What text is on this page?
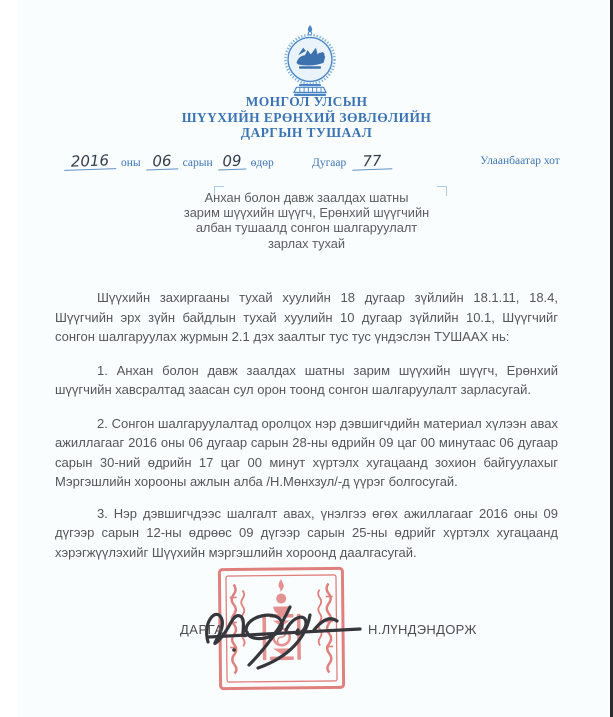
МОНГОЛ УЛСЫН
ШҮҮХИЙН ЕРӨНХИЙ ЗӨВЛӨЛИЙН
ДАРГЫН ТУШААЛ
2016	оны 06 сарын 09 өдөр	Дугаар	77	Улаанбаатар хот
Анхан болон давж заалдах шатны
зарим шүүхийн шүүгч, Ерөнхий шүүгчийн
албан тушаалд сонгон шалгаруулалт
зарлах тухай

Шүүхийн захиргааны тухай хуулийн 18 дугаар зүйлийн 18.1.11, 18.4, Шүүгчийн эрх зүйн байдлын тухай хуулийн 10 дугаар зүйлийн 10.1, Шүүгчийг сонгон шалгаруулах журмын 2.1 дэх заалтыг тус тус үндэслэн ТУШААХ нь:

1. Анхан болон давж заалдах шатны зарим шүүхийн шүүгч, Ерөнхий шүүгчийн хавсралтад заасан сул орон тоонд сонгон шалгаруулалт зарласугай.

2. Сонгон шалгаруулалтад оролцох нэр дэвшигчдийн материал хүлээн авах ажиллагааг 2016 оны 06 дугаар сарын 28-ны өдрийн 09 цаг 00 минутаас 06 дугаар сарын 30-ний өдрийн 17 цаг 00 минут хүртэлх хугацаанд зохион байгуулахыг Мэргэшлийн хорооны ажлын алба /Н.Мөнхзул/-д үүрэг болгосугай.

3. Нэр дэвшигчдээс шалгалт авах, үнэлгээ өгөх ажиллагааг 2016 оны 09 дүгээр сарын 12-ны өдрөөс 09 дүгээр сарын 25-ны өдрийг хүртэлх хугацаанд хэрэгжүүлэхийг Шүүхийн мэргэшлийн хороонд даалгасугай.

ДАРГА	Н.ЛҮНДЭНДОРЖ
